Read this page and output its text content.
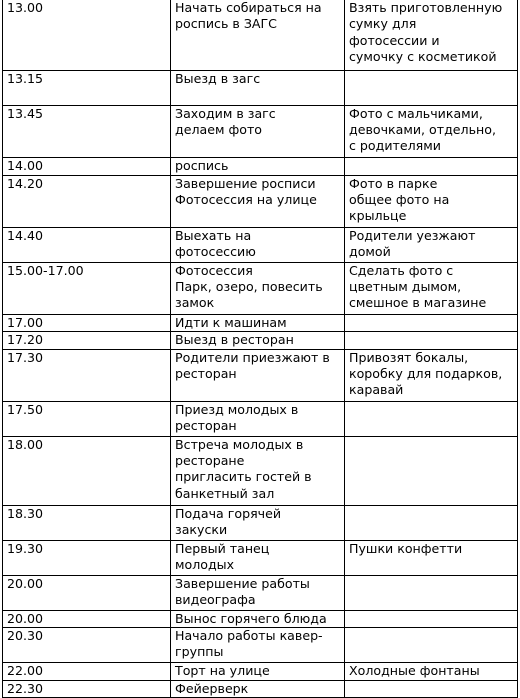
13.00	Начать собираться на
роспись в ЗАГС	Взять приготовленную
сумку для
фотосессии и
сумочку с косметикой
13.15	Выезд в загс	
13.45	Заходим в загс
делаем фото	Фото с мальчиками,
девочками, отдельно,
с родителями
14.00	роспись	
14.20	Завершение росписи
Фотосессия на улице	Фото в парке
общее фото на
крыльце
14.40	Выехать на
фотосессию	Родители уезжают
домой
15.00-17.00	Фотосессия
Парк, озеро, повесить
замок	Сделать фото с
цветным дымом,
смешное в магазине
17.00	Идти к машинам	
17.20	Выезд в ресторан	
17.30	Родители приезжают в
ресторан	Привозят бокалы,
коробку для подарков,
каравай
17.50	Приезд молодых в
ресторан	
18.00	Встреча молодых в
ресторане
пригласить гостей в
банкетный зал	
18.30	Подача горячей
закуски	
19.30	Первый танец
молодых	Пушки конфетти
20.00	Завершение работы
видеографа	
20.00	Вынос горячего блюда	
20.30	Начало работы кавер-
группы	
22.00	Торт на улице	Холодные фонтаны
22.30	Фейерверк	
